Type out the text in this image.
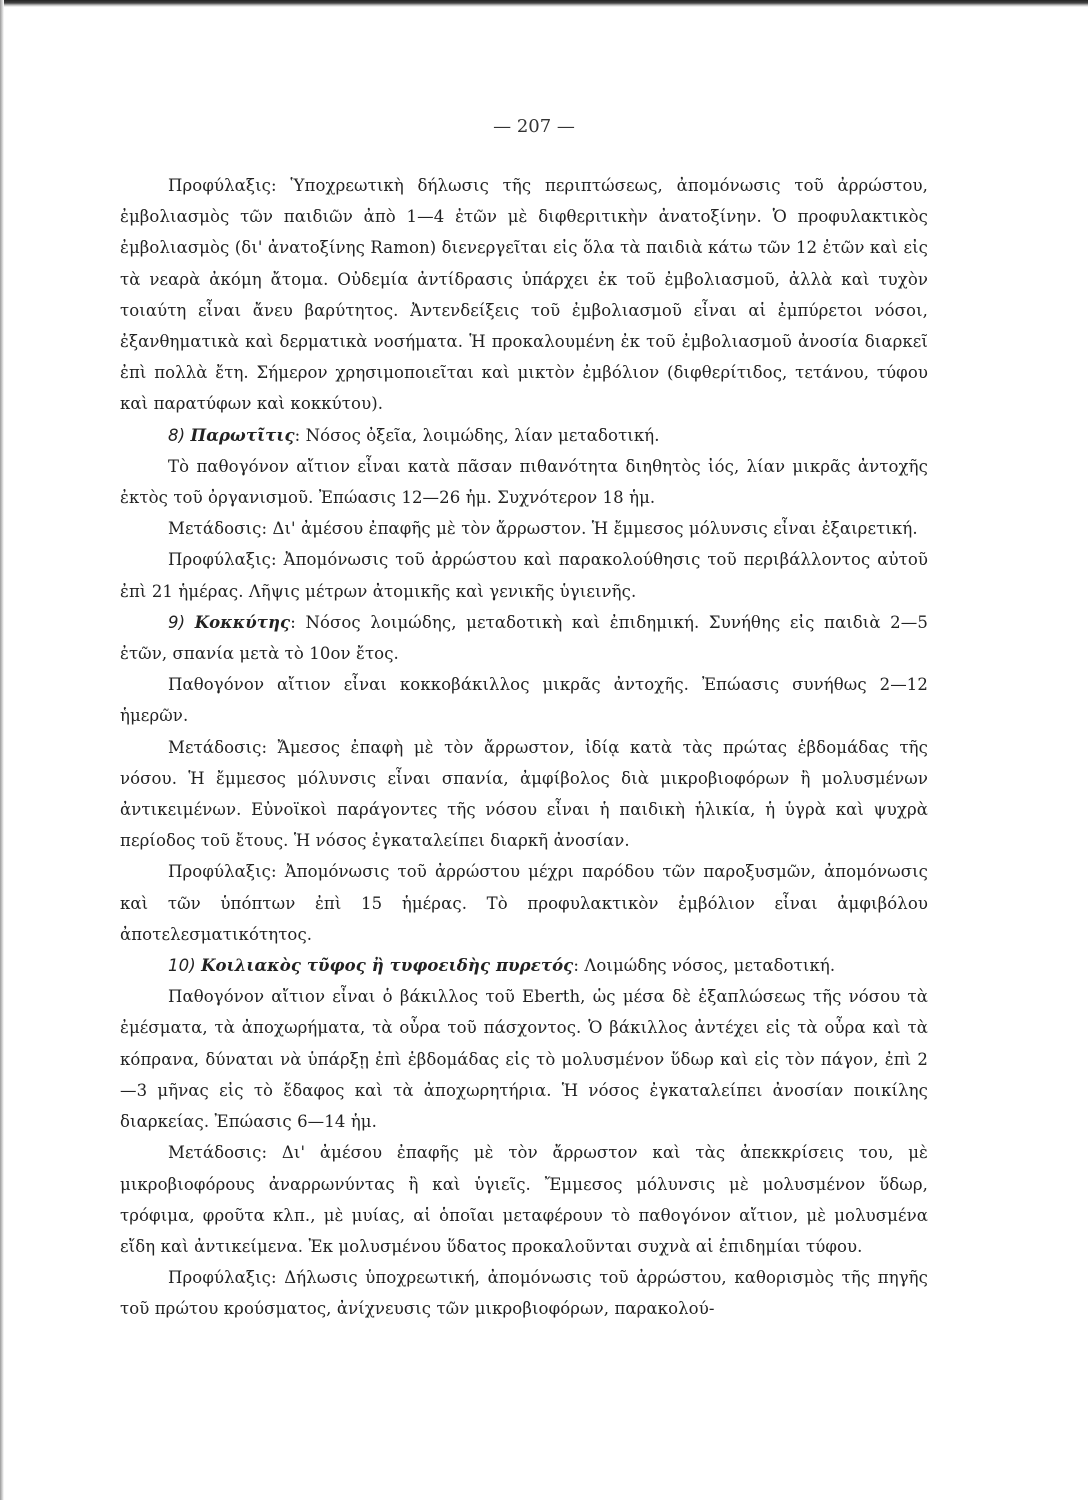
— 207 —

Προφύλαξις: Ὑποχρεωτικὴ δήλωσις τῆς περιπτώσεως, ἀπομόνωσις τοῦ ἀρρώστου, ἐμβολιασμὸς τῶν παιδιῶν ἀπὸ 1—4 ἐτῶν μὲ διφθεριτικὴν ἀνατοξίνην. Ὁ προφυλακτικὸς ἐμβολιασμὸς (δι' ἀνατοξίνης Ramon) διενεργεῖται εἰς ὅλα τὰ παιδιὰ κάτω τῶν 12 ἐτῶν καὶ εἰς τὰ νεαρὰ ἀκόμη ἄτομα. Οὐδεμία ἀντίδρασις ὑπάρχει ἐκ τοῦ ἐμβολιασμοῦ, ἀλλὰ καὶ τυχὸν τοιαύτη εἶναι ἄνευ βαρύτητος. Ἀντενδείξεις τοῦ ἐμβολιασμοῦ εἶναι αἱ ἐμπύρετοι νόσοι, ἐξανθηματικὰ καὶ δερματικὰ νοσήματα. Ἡ προκαλουμένη ἐκ τοῦ ἐμβολιασμοῦ ἀνοσία διαρκεῖ ἐπὶ πολλὰ ἔτη. Σήμερον χρησιμοποιεῖται καὶ μικτὸν ἐμβόλιον (διφθερίτιδος, τετάνου, τύφου καὶ παρατύφων καὶ κοκκύτου).

8) Παρωτῖτις: Νόσος ὀξεῖα, λοιμώδης, λίαν μεταδοτική.

Τὸ παθογόνον αἴτιον εἶναι κατὰ πᾶσαν πιθανότητα διηθητὸς ἰός, λίαν μικρᾶς ἀντοχῆς ἐκτὸς τοῦ ὀργανισμοῦ. Ἐπώασις 12—26 ἡμ. Συχνότερον 18 ἡμ.

Μετάδοσις: Δι' ἀμέσου ἐπαφῆς μὲ τὸν ἄρρωστον. Ἡ ἔμμεσος μόλυνσις εἶναι ἐξαιρετική.

Προφύλαξις: Ἀπομόνωσις τοῦ ἀρρώστου καὶ παρακολούθησις τοῦ περιβάλλοντος αὐτοῦ ἐπὶ 21 ἡμέρας. Λῆψις μέτρων ἀτομικῆς καὶ γενικῆς ὑγιεινῆς.

9) Κοκκύτης: Νόσος λοιμώδης, μεταδοτικὴ καὶ ἐπιδημική. Συνήθης εἰς παιδιὰ 2—5 ἐτῶν, σπανία μετὰ τὸ 10ον ἔτος.

Παθογόνον αἴτιον εἶναι κοκκοβάκιλλος μικρᾶς ἀντοχῆς. Ἐπώασις συνήθως 2—12 ἡμερῶν.

Μετάδοσις: Ἄμεσος ἐπαφὴ μὲ τὸν ἄρρωστον, ἰδίᾳ κατὰ τὰς πρώτας ἑβδομάδας τῆς νόσου. Ἡ ἔμμεσος μόλυνσις εἶναι σπανία, ἀμφίβολος διὰ μικροβιοφόρων ἢ μολυσμένων ἀντικειμένων. Εὐνοϊκοὶ παράγοντες τῆς νόσου εἶναι ἡ παιδικὴ ἡλικία, ἡ ὑγρὰ καὶ ψυχρὰ περίοδος τοῦ ἔτους. Ἡ νόσος ἐγκαταλείπει διαρκῆ ἀνοσίαν.

Προφύλαξις: Ἀπομόνωσις τοῦ ἀρρώστου μέχρι παρόδου τῶν παροξυσμῶν, ἀπομόνωσις καὶ τῶν ὑπόπτων ἐπὶ 15 ἡμέρας. Τὸ προφυλακτικὸν ἐμβόλιον εἶναι ἀμφιβόλου ἀποτελεσματικότητος.

10) Κοιλιακὸς τῦφος ἢ τυφοειδὴς πυρετός: Λοιμώδης νόσος, μεταδοτική.

Παθογόνον αἴτιον εἶναι ὁ βάκιλλος τοῦ Eberth, ὡς μέσα δὲ ἐξαπλώσεως τῆς νόσου τὰ ἐμέσματα, τὰ ἀποχωρήματα, τὰ οὖρα τοῦ πάσχοντος. Ὁ βάκιλλος ἀντέχει εἰς τὰ οὖρα καὶ τὰ κόπρανα, δύναται νὰ ὑπάρξῃ ἐπὶ ἑβδομάδας εἰς τὸ μολυσμένον ὕδωρ καὶ εἰς τὸν πάγον, ἐπὶ 2—3 μῆνας εἰς τὸ ἔδαφος καὶ τὰ ἀποχωρητήρια. Ἡ νόσος ἐγκαταλείπει ἀνοσίαν ποικίλης διαρκείας. Ἐπώασις 6—14 ἡμ.

Μετάδοσις: Δι' ἀμέσου ἐπαφῆς μὲ τὸν ἄρρωστον καὶ τὰς ἀπεκκρίσεις του, μὲ μικροβιοφόρους ἀναρρωνύντας ἢ καὶ ὑγιεῖς. Ἔμμεσος μόλυνσις μὲ μολυσμένον ὕδωρ, τρόφιμα, φροῦτα κλπ., μὲ μυίας, αἱ ὁποῖαι μεταφέρουν τὸ παθογόνον αἴτιον, μὲ μολυσμένα εἴδη καὶ ἀντικείμενα. Ἐκ μολυσμένου ὕδατος προκαλοῦνται συχνὰ αἱ ἐπιδημίαι τύφου.

Προφύλαξις: Δήλωσις ὑποχρεωτική, ἀπομόνωσις τοῦ ἀρρώστου, καθορισμὸς τῆς πηγῆς τοῦ πρώτου κρούσματος, ἀνίχνευσις τῶν μικροβιοφόρων, παρακολού-
